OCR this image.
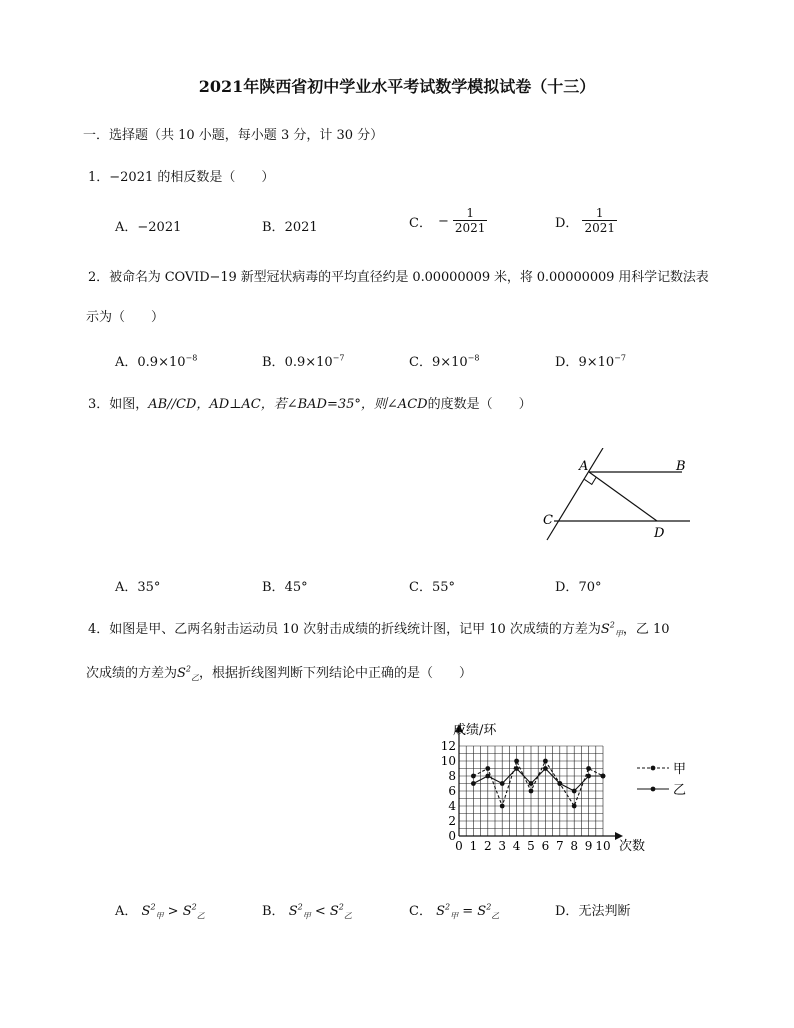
2021年陕西省初中学业水平考试数学模拟试卷（十三）
一．选择题（共 10 小题，每小题 3 分，计 30 分）
1．−2021 的相反数是（　　）
A．−2021	B．2021	C． − $\frac{1}{2021}$	D． $\frac{1}{2021}$
2．被命名为 COVID−19 新型冠状病毒的平均直径约是 0.00000009 米，将 0.00000009 用科学记数法表
示为（　　）
A．$0.9\times 10^{-8}$	B．$0.9\times 10^{-7}$	C．$9\times 10^{-8}$	D．$9\times 10^{-7}$
3．如图，AB//CD，AD⊥AC，若∠BAD=35°，则∠ACD的度数是（　　）
A	B
C
D
A．35°	B．45°	C．55°	D．70°
4．如图是甲、乙两名射击运动员 10 次射击成绩的折线统计图，记甲 10 次成绩的方差为$S^2_甲$，乙 10
次成绩的方差为$S^2_乙$，根据折线图判断下列结论中正确的是（　　）
0
2
4
6
8
10
12
0 1 2 3 4 5 6 7 8 9 10
甲
乙
成绩/环
次数
A． $S^2_甲 > S^2_乙$	B． $S^2_甲 < S^2_乙$	C． $S^2_甲 = S^2_乙$	D．无法判断
